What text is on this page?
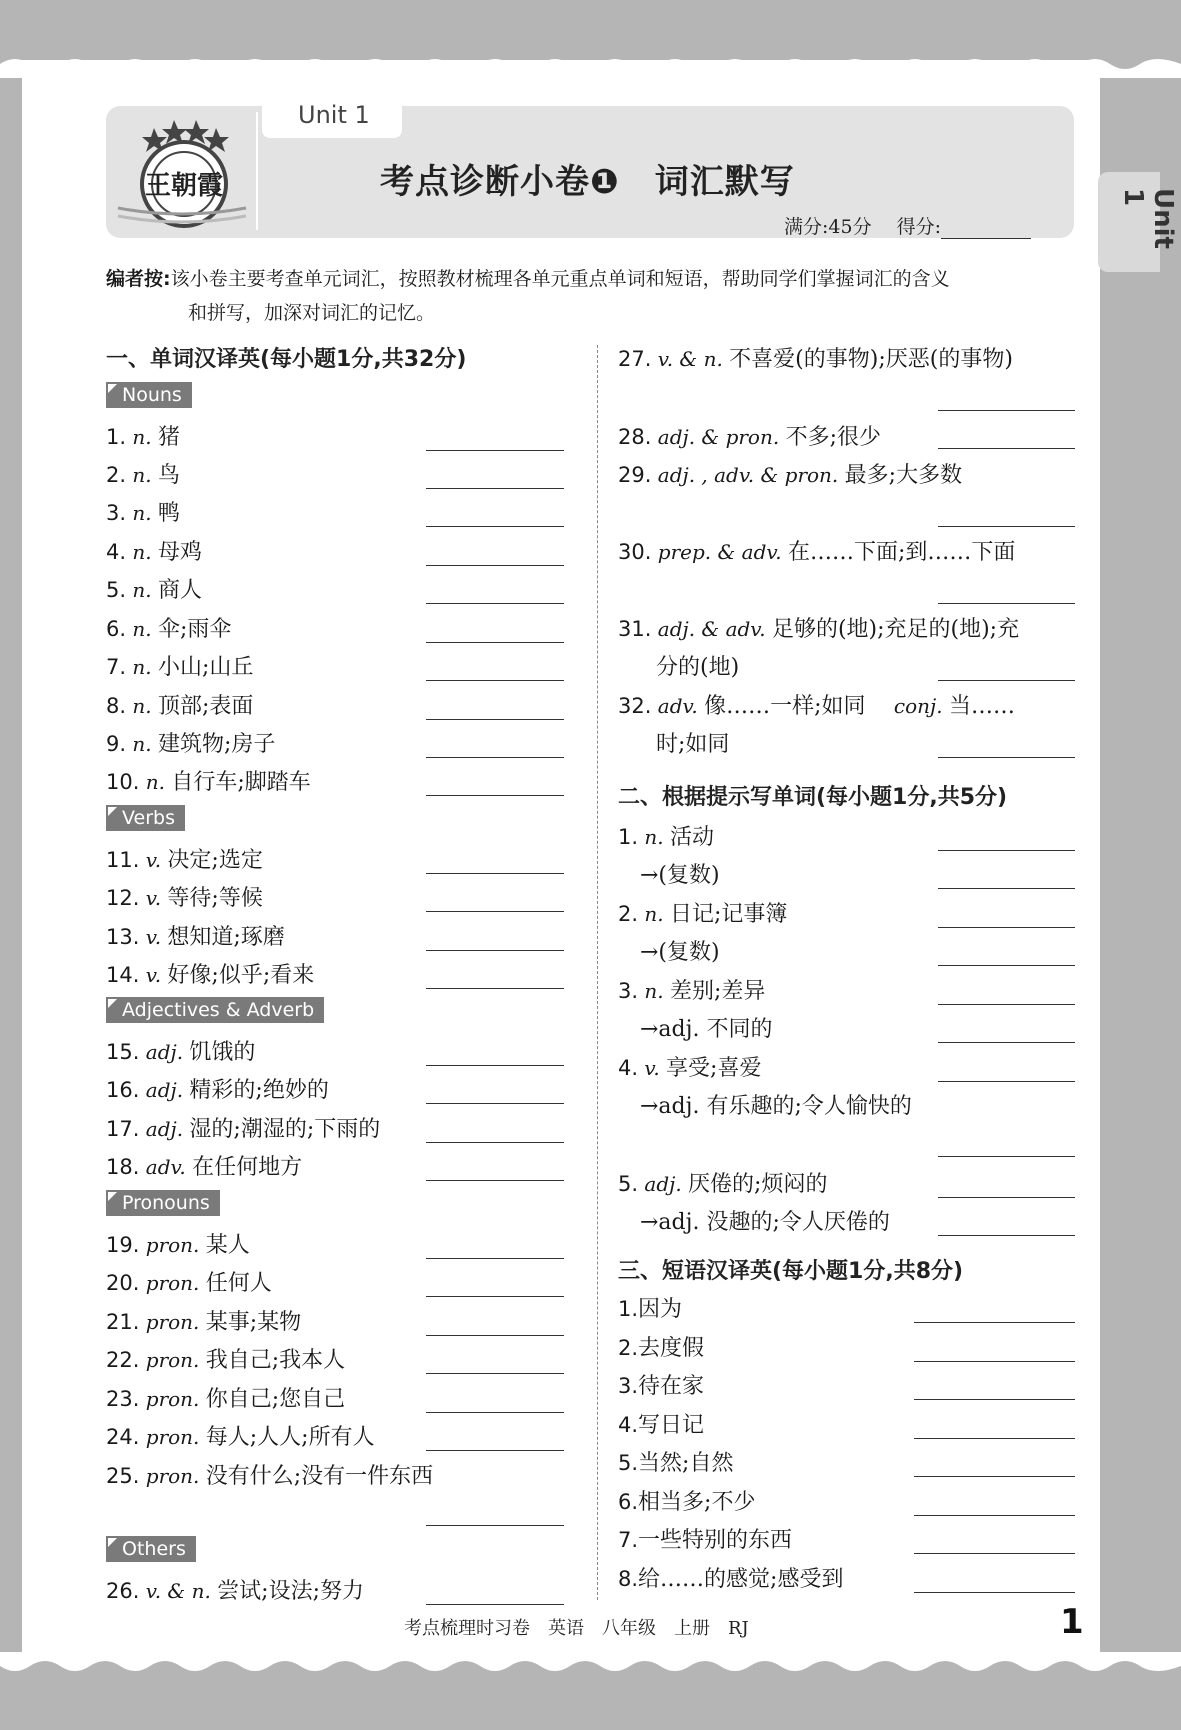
Unit 1
王朝霞	考点诊断小卷❶　词汇默写
满分:45分　 得分:	Unit 1
编者按:该小卷主要考查单元词汇，按照教材梳理各单元重点单词和短语，帮助同学们掌握词汇的含义
和拼写，加深对词汇的记忆。
一、单词汉译英(每小题1分,共32分)
Nouns
Verbs
Adjectives & Adverb
Pronouns
Others
1. n. 猪
2. n. 鸟
3. n. 鸭
4. n. 母鸡
5. n. 商人
6. n. 伞;雨伞
7. n. 小山;山丘
8. n. 顶部;表面
9. n. 建筑物;房子
10. n. 自行车;脚踏车
11. v. 决定;选定
12. v. 等待;等候
13. v. 想知道;琢磨
14. v. 好像;似乎;看来
15. adj. 饥饿的
16. adj. 精彩的;绝妙的
17. adj. 湿的;潮湿的;下雨的
18. adv. 在任何地方
19. pron. 某人
20. pron. 任何人
21. pron. 某事;某物
22. pron. 我自己;我本人
23. pron. 你自己;您自己
24. pron. 每人;人人;所有人
25. pron. 没有什么;没有一件东西
26. v. & n. 尝试;设法;努力
27. v. & n. 不喜爱(的事物);厌恶(的事物)
28. adj. & pron. 不多;很少
29. adj. , adv. & pron. 最多;大多数
30. prep. & adv. 在……下面;到……下面
31. adj. & adv. 足够的(地);充足的(地);充
分的(地)
32. adv. 像……一样;如同　 conj. 当……
时;如同
二、根据提示写单词(每小题1分,共5分)
1. n. 活动
→(复数)
2. n. 日记;记事簿
→(复数)
3. n. 差别;差异
→adj. 不同的
4. v. 享受;喜爱
→adj. 有乐趣的;令人愉快的
5. adj. 厌倦的;烦闷的
→adj. 没趣的;令人厌倦的
三、短语汉译英(每小题1分,共8分)
1.因为
2.去度假
3.待在家
4.写日记
5.当然;自然
6.相当多;不少
7.一些特别的东西
8.给……的感觉;感受到
考点梳理时习卷　英语　八年级　上册　RJ	1
